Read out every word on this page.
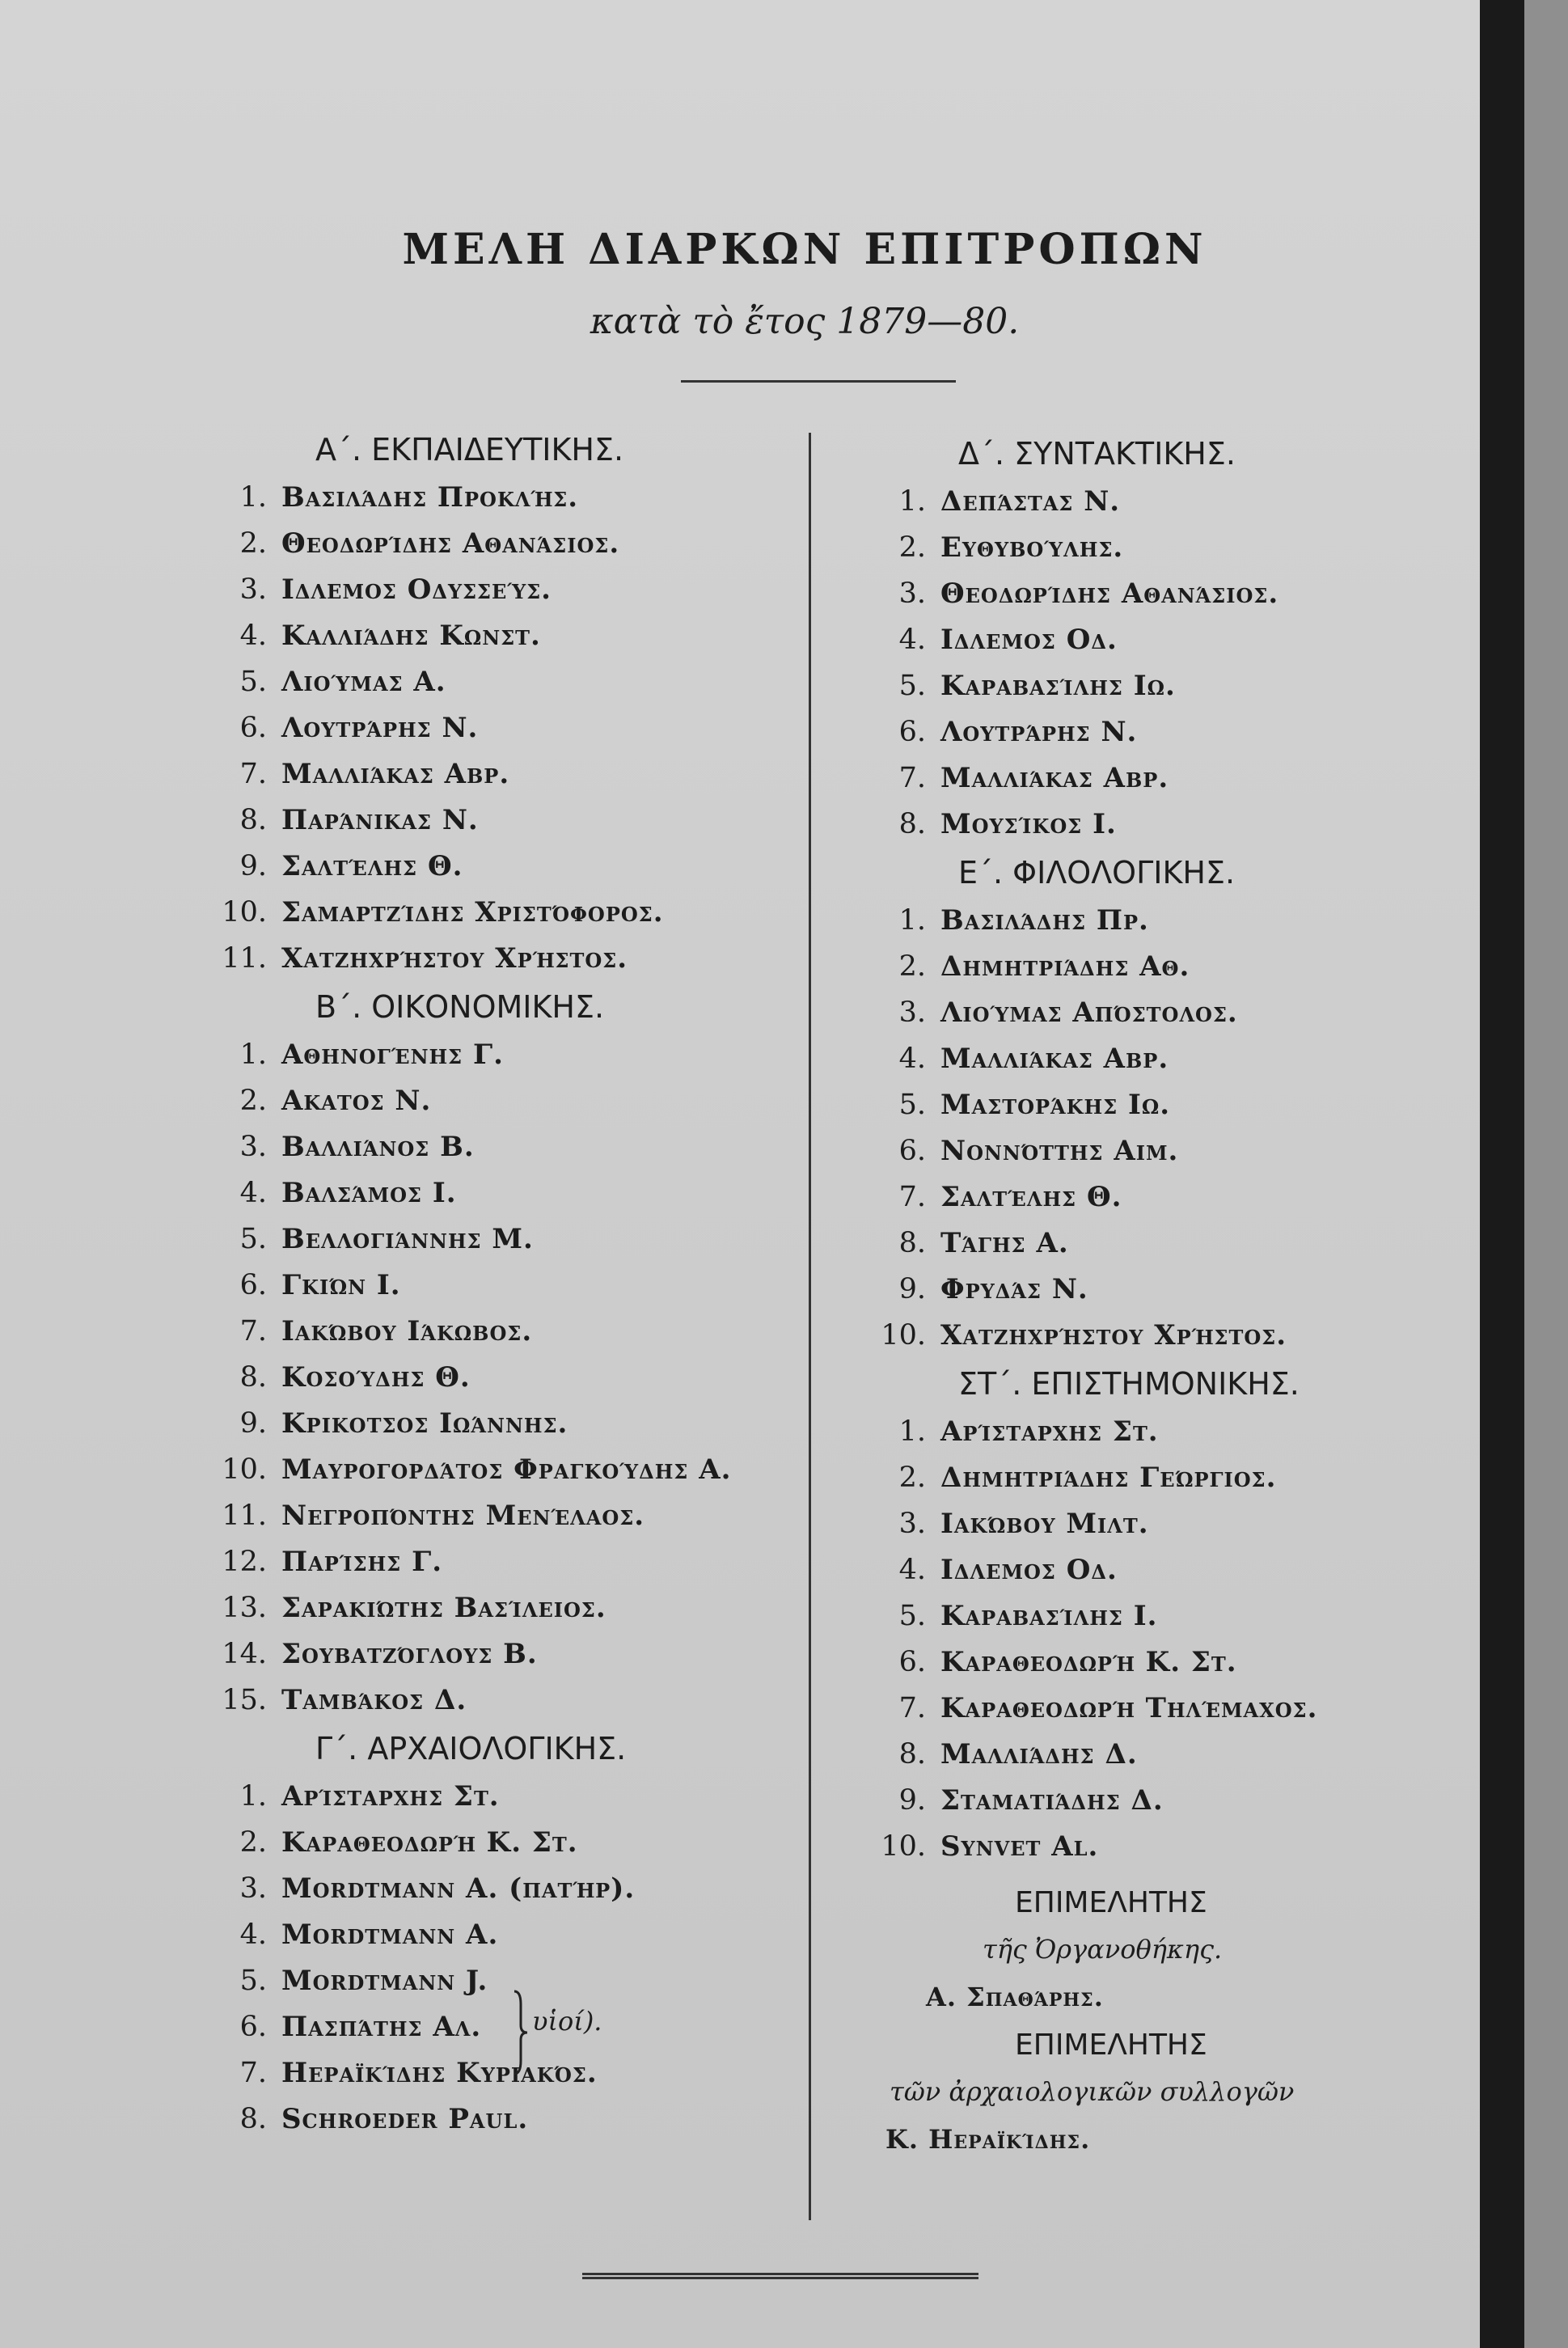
ΜΕΛΗ ΔΙΑΡΚΩΝ ΕΠΙΤΡΟΠΩΝ
κατὰ τὸ ἔτος 1879—80.
Α΄. ΕΚΠΑΙΔΕΥΤΙΚΗΣ.
1. Βασιλάδης Προκλής.
2. Θεοδωρίδης Αθανάσιος.
3. Ιδλεμος Οδυσσεύς.
4. Καλλιάδης Κωνστ.
5. Λιούμας Α.
6. Λουτράρης Ν.
7. Μαλλιάκας Αβρ.
8. Παράνικας Ν.
9. Σαλτέλης Θ.
10. Σαμαρτζίδης Χριστόφορος.
11. Χατζηχρήστου Χρήστος.
Β΄. ΟΙΚΟΝΟΜΙΚΗΣ.
1. Αθηνογένης Γ.
2. Ακατος Ν.
3. Βαλλιάνος Β.
4. Βαλσάμος Ι.
5. Βελλογιάννης Μ.
6. Γκιών Ι.
7. Ιακώβου Ιάκωβος.
8. Κοσούδης Θ.
9. Κρικοτσος Ιωάννης.
10. Μαυρογορδάτος Φραγκούδης Α.
11. Νεγροπόντης Μενέλαος.
12. Παρίσης Γ.
13. Σαρακιώτης Βασίλειος.
14. Σουβατζόγλους Β.
15. Ταμβάκος Δ.
Γ΄. ΑΡΧΑΙΟΛΟΓΙΚΗΣ.
1. Αρίσταρχης Στ.
2. Καραθεοδωρή Κ. Στ.
3. Mordtmann Α. (πατήρ).
4. Mordtmann Α.
5. Mordtmann J.
6. Πασπάτης Αλ.
7. Ηεραϊκίδης Κυριακός.
8. Schroeder Paul.
υἱοί).
Δ΄. ΣΥΝΤΑΚΤΙΚΗΣ.
1. Δεπάστας Ν.
2. Ευθυβούλης.
3. Θεοδωρίδης Αθανάσιος.
4. Ιδλεμος Οδ.
5. Καραβασίλης Ιω.
6. Λουτράρης Ν.
7. Μαλλιάκας Αβρ.
8. Μουσίκος Ι.
Ε΄. ΦΙΛΟΛΟΓΙΚΗΣ.
1. Βασιλάδης Πρ.
2. Δημητριάδης Αθ.
3. Λιούμας Απόστολος.
4. Μαλλιάκας Αβρ.
5. Μαστοράκης Ιω.
6. Νοννόττης Αιμ.
7. Σαλτέλης Θ.
8. Τάγης Α.
9. Φρυδάς Ν.
10. Χατζηχρήστου Χρήστος.
ΣΤ΄. ΕΠΙΣΤΗΜΟΝΙΚΗΣ.
1. Αρίσταρχης Στ.
2. Δημητριάδης Γεώργιος.
3. Ιακώβου Μιλτ.
4. Ιδλεμος Οδ.
5. Καραβασίλης Ι.
6. Καραθεοδωρή Κ. Στ.
7. Καραθεοδωρή Τηλέμαχος.
8. Μαλλιάδης Δ.
9. Σταματιάδης Δ.
10. Synvet Al.
ΕΠΙΜΕΛΗΤΗΣ
τῆς Ὀργανοθήκης.
Α. Σπαθάρης.
ΕΠΙΜΕΛΗΤΗΣ
τῶν ἀρχαιολογικῶν συλλογῶν
Κ. Ηεραϊκίδης.
